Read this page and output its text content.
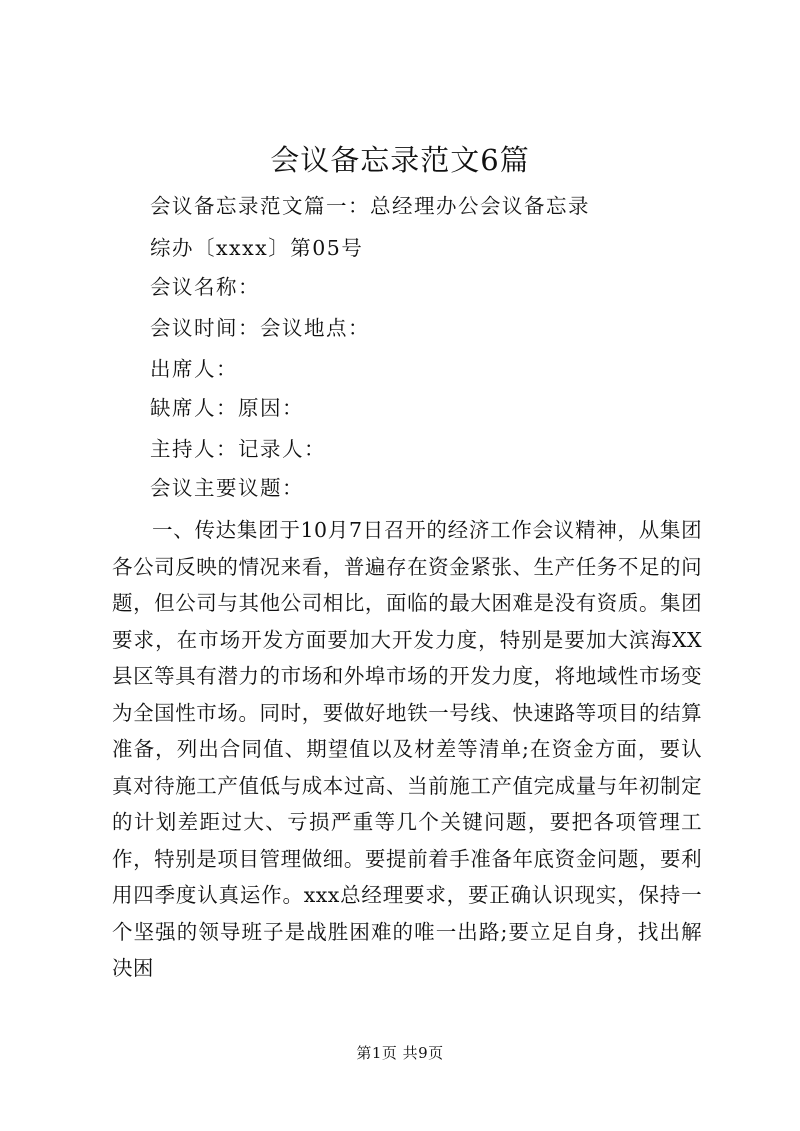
会议备忘录范文6篇

会议备忘录范文篇一：总经理办公会议备忘录

综办〔xxxx〕第05号

会议名称：

会议时间：会议地点：

出席人：

缺席人：原因：

主持人：记录人：

会议主要议题：

一、传达集团于10月7日召开的经济工作会议精神，从集团各公司反映的情况来看，普遍存在资金紧张、生产任务不足的问题，但公司与其他公司相比，面临的最大困难是没有资质。集团要求，在市场开发方面要加大开发力度，特别是要加大滨海XX县区等具有潜力的市场和外埠市场的开发力度，将地域性市场变为全国性市场。同时，要做好地铁一号线、快速路等项目的结算准备，列出合同值、期望值以及材差等清单;在资金方面，要认真对待施工产值低与成本过高、当前施工产值完成量与年初制定的计划差距过大、亏损严重等几个关键问题，要把各项管理工作，特别是项目管理做细。要提前着手准备年底资金问题，要利用四季度认真运作。xxx总经理要求，要正确认识现实，保持一个坚强的领导班子是战胜困难的唯一出路;要立足自身，找出解决困

第1页 共9页
